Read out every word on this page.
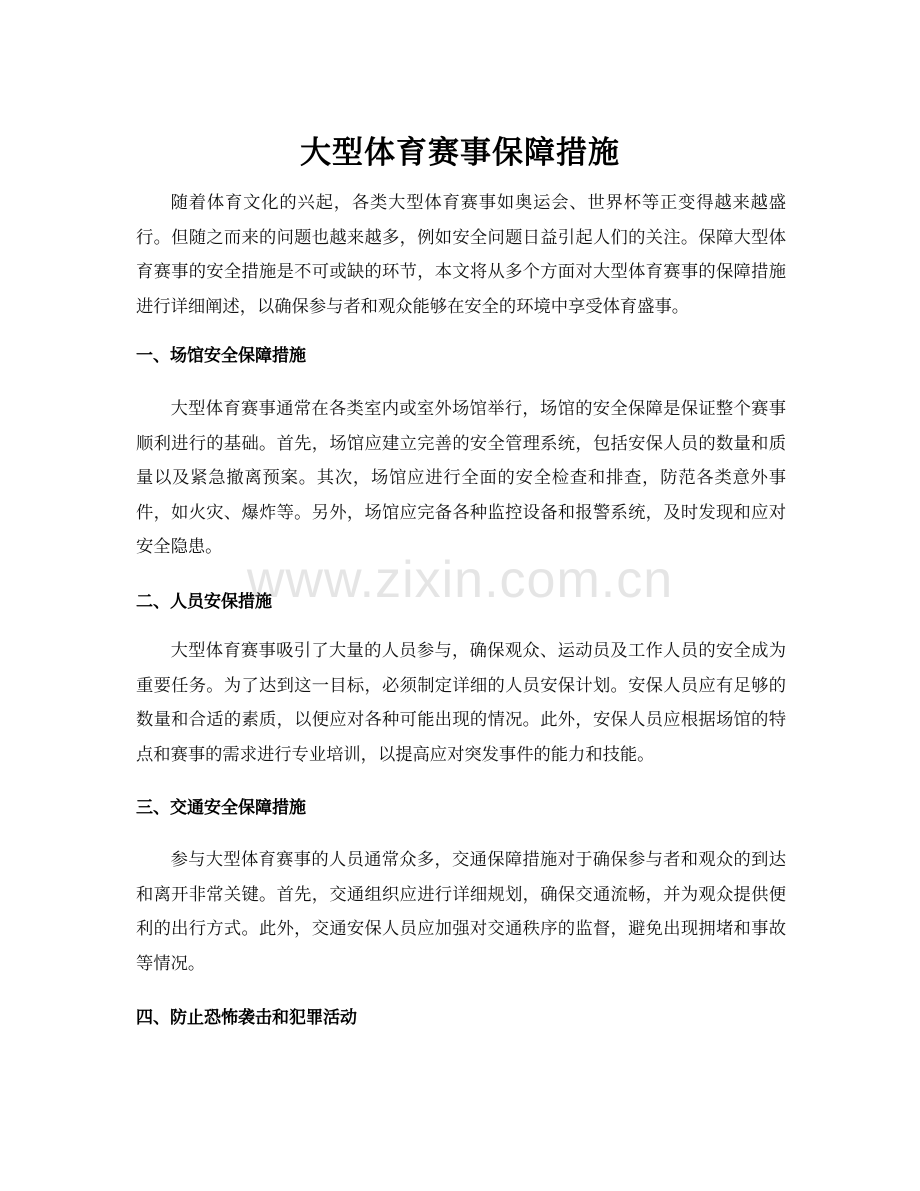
大型体育赛事保障措施

随着体育文化的兴起，各类大型体育赛事如奥运会、世界杯等正变得越来越盛行。但随之而来的问题也越来越多，例如安全问题日益引起人们的关注。保障大型体育赛事的安全措施是不可或缺的环节，本文将从多个方面对大型体育赛事的保障措施进行详细阐述，以确保参与者和观众能够在安全的环境中享受体育盛事。

一、场馆安全保障措施

大型体育赛事通常在各类室内或室外场馆举行，场馆的安全保障是保证整个赛事顺利进行的基础。首先，场馆应建立完善的安全管理系统，包括安保人员的数量和质量以及紧急撤离预案。其次，场馆应进行全面的安全检查和排查，防范各类意外事件，如火灾、爆炸等。另外，场馆应完备各种监控设备和报警系统，及时发现和应对安全隐患。

二、人员安保措施

大型体育赛事吸引了大量的人员参与，确保观众、运动员及工作人员的安全成为重要任务。为了达到这一目标，必须制定详细的人员安保计划。安保人员应有足够的数量和合适的素质，以便应对各种可能出现的情况。此外，安保人员应根据场馆的特点和赛事的需求进行专业培训，以提高应对突发事件的能力和技能。

三、交通安全保障措施

参与大型体育赛事的人员通常众多，交通保障措施对于确保参与者和观众的到达和离开非常关键。首先，交通组织应进行详细规划，确保交通流畅，并为观众提供便利的出行方式。此外，交通安保人员应加强对交通秩序的监督，避免出现拥堵和事故等情况。

四、防止恐怖袭击和犯罪活动
www.zixin.com.cn
